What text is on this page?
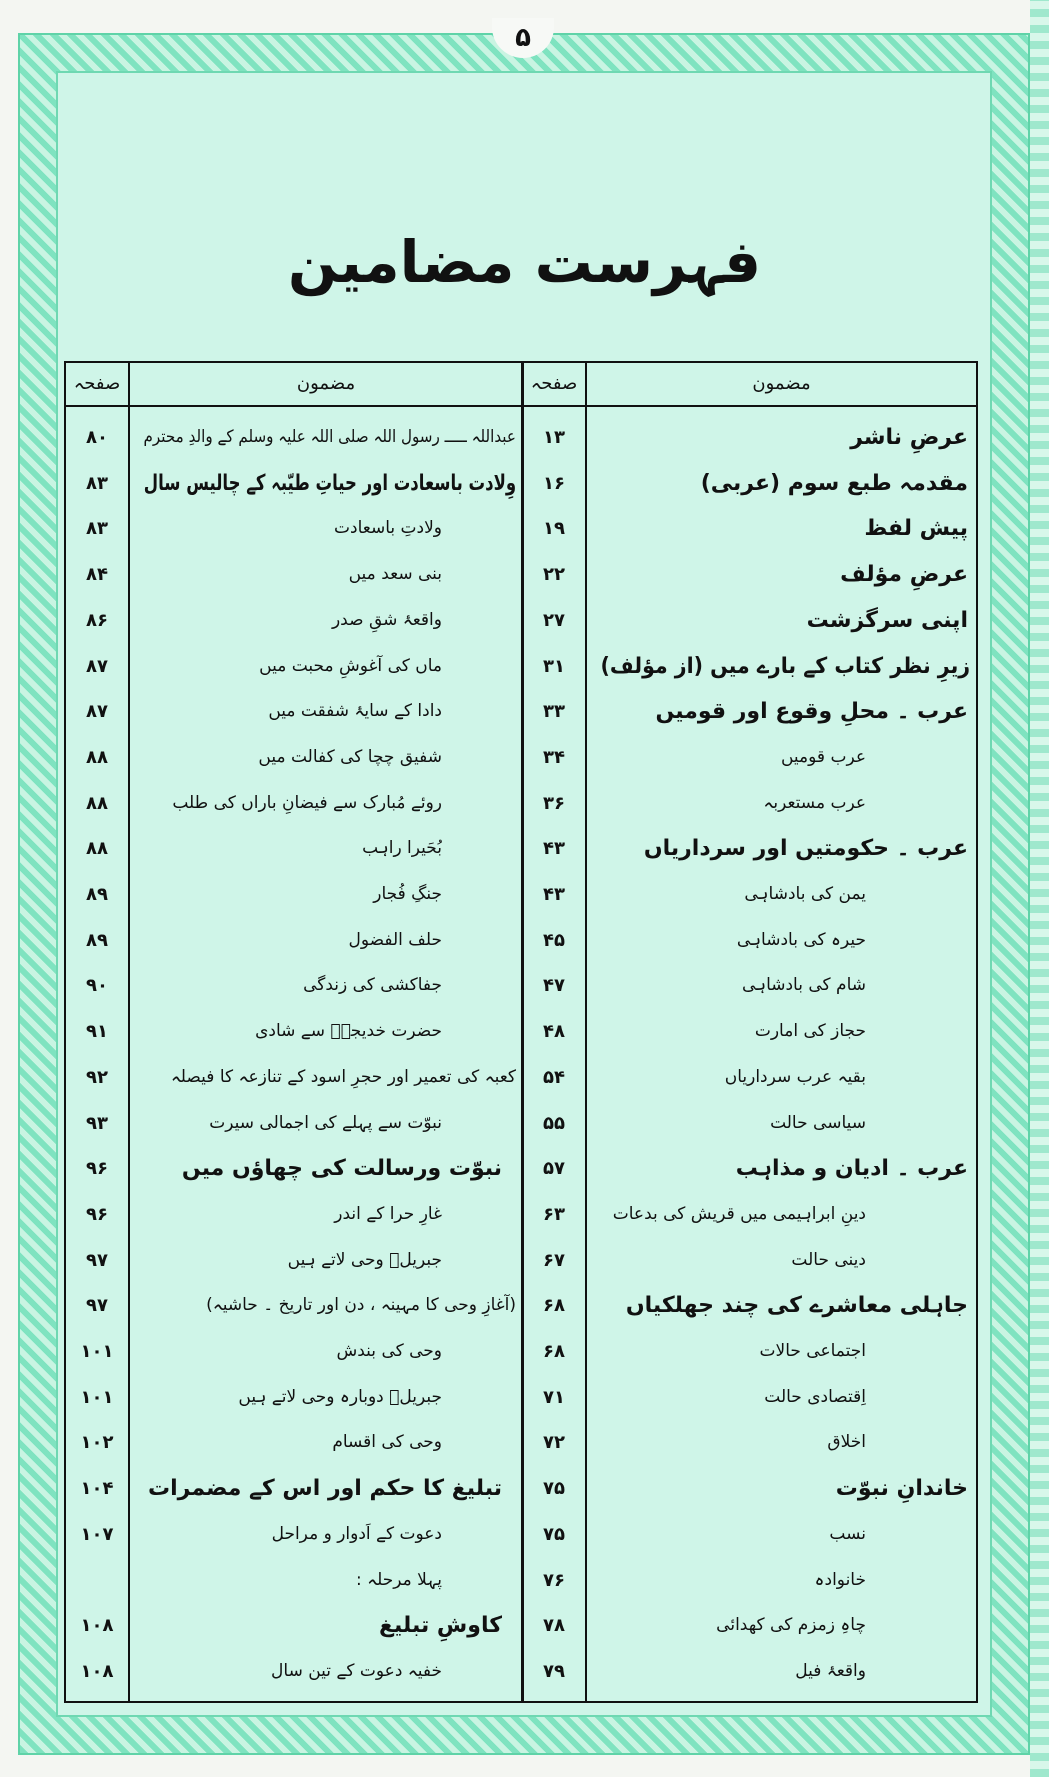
۵
فہرست مضامین
مضمون
صفحہ
عرضِ ناشر
۱۳
مقدمہ طبع سوم (عربی)
۱۶
پیش لفظ
۱۹
عرضِ مؤلف
۲۲
اپنی سرگزشت
۲۷
زیرِ نظر کتاب کے بارے میں (از مؤلف)
۳۱
عرب ۔ محلِ وقوع اور قومیں
۳۳
عرب قومیں
۳۴
عرب مستعربہ
۳۶
عرب ۔ حکومتیں اور سرداریاں
۴۳
یمن کی بادشاہی
۴۳
حیرہ کی بادشاہی
۴۵
شام کی بادشاہی
۴۷
حجاز کی امارت
۴۸
بقیہ عرب سرداریاں
۵۴
سیاسی حالت
۵۵
عرب ۔ ادیان و مذاہب
۵۷
دینِ ابراہیمی میں قریش کی بدعات
۶۳
دینی حالت
۶۷
جاہلی معاشرے کی چند جھلکیاں
۶۸
اجتماعی حالات
۶۸
اِقتصادی حالت
۷۱
اخلاق
۷۲
خاندانِ نبوّت
۷۵
نسب
۷۵
خانوادہ
۷۶
چاہِ زمزم کی کھدائی
۷۸
واقعۂ فیل
۷۹
مضمون
صفحہ
عبداللہ ـــــ رسول اللہ صلی اللہ علیہ وسلم کے والدِ محترم
۸۰
وِلادت باسعادت اور حیاتِ طیّبہ کے چالیس سال
۸۳
ولادتِ باسعادت
۸۳
بنی سعد میں
۸۴
واقعۂ شقِ صدر
۸۶
ماں کی آغوشِ محبت میں
۸۷
دادا کے سایۂ شفقت میں
۸۷
شفیق چچا کی کفالت میں
۸۸
روئے مُبارک سے فیضانِ باراں کی طلب
۸۸
بُحَیرا راہب
۸۸
جنگِ فُجار
۸۹
حلف الفضول
۸۹
جفاکشی کی زندگی
۹۰
حضرت خدیجہؓ سے شادی
۹۱
کعبہ کی تعمیر اور حجرِ اسود کے تنازعہ کا فیصلہ
۹۲
نبوّت سے پہلے کی اجمالی سیرت
۹۳
نبوّت ورسالت کی چھاؤں میں
۹۶
غارِ حرا کے اندر
۹۶
جبریلؑ وحی لاتے ہیں
۹۷
(آغازِ وحی کا مہینہ ، دن اور تاریخ ۔ حاشیہ)
۹۷
وحی کی بندش
۱۰۱
جبریلؑ دوبارہ وحی لاتے ہیں
۱۰۱
وحی کی اقسام
۱۰۲
تبلیغ کا حکم اور اس کے مضمرات
۱۰۴
دعوت کے اَدوار و مراحل
۱۰۷
پہلا مرحلہ :
کاوشِ تبلیغ
۱۰۸
خفیہ دعوت کے تین سال
۱۰۸
